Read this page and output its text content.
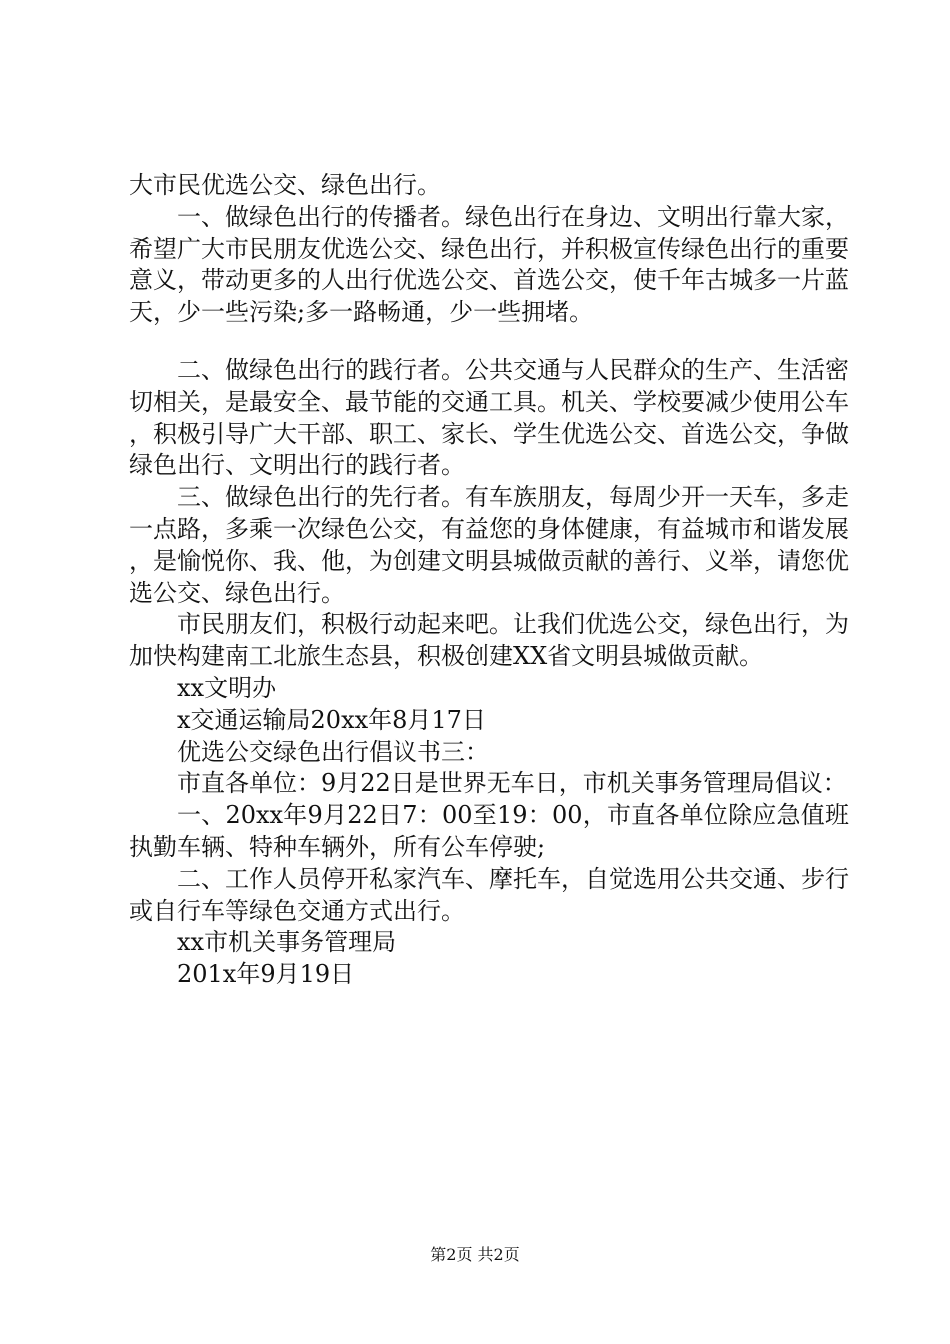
大市民优选公交、绿色出行。

一、做绿色出行的传播者。绿色出行在身边、文明出行靠大家，希望广大市民朋友优选公交、绿色出行，并积极宣传绿色出行的重要意义，带动更多的人出行优选公交、首选公交，使千年古城多一片蓝天，少一些污染;多一路畅通，少一些拥堵。

二、做绿色出行的践行者。公共交通与人民群众的生产、生活密切相关，是最安全、最节能的交通工具。机关、学校要减少使用公车，积极引导广大干部、职工、家长、学生优选公交、首选公交，争做绿色出行、文明出行的践行者。

三、做绿色出行的先行者。有车族朋友，每周少开一天车，多走一点路，多乘一次绿色公交，有益您的身体健康，有益城市和谐发展，是愉悦你、我、他，为创建文明县城做贡献的善行、义举，请您优选公交、绿色出行。

市民朋友们，积极行动起来吧。让我们优选公交，绿色出行，为加快构建南工北旅生态县，积极创建XX省文明县城做贡献。

xx文明办

x交通运输局20xx年8月17日

优选公交绿色出行倡议书三：

市直各单位：9月22日是世界无车日，市机关事务管理局倡议：

一、20xx年9月22日7：00至19：00，市直各单位除应急值班执勤车辆、特种车辆外，所有公车停驶;

二、工作人员停开私家汽车、摩托车，自觉选用公共交通、步行或自行车等绿色交通方式出行。

xx市机关事务管理局

201x年9月19日

第2页 共2页
